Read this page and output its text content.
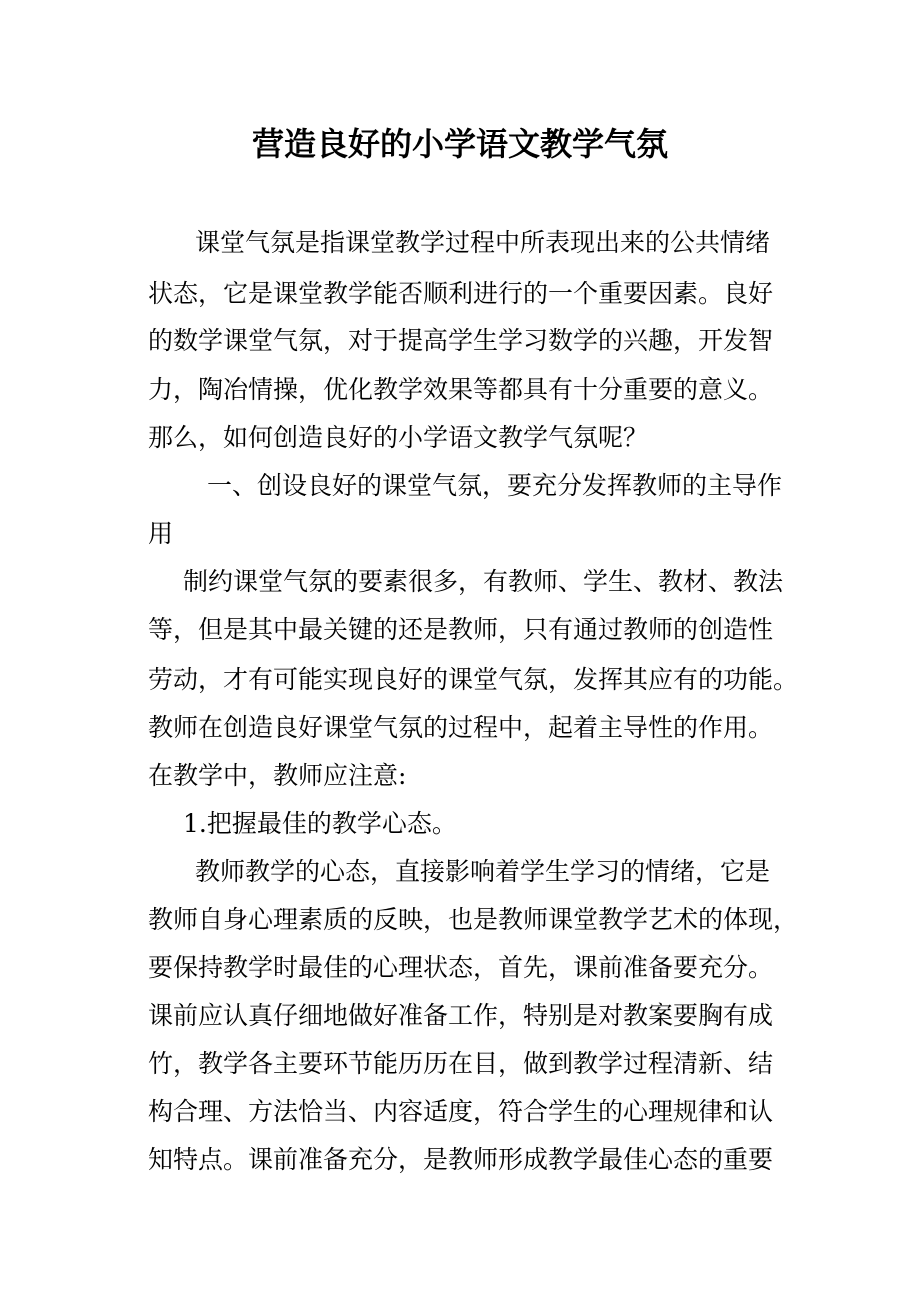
营造良好的小学语文教学气氛
课堂气氛是指课堂教学过程中所表现出来的公共情绪
状态，它是课堂教学能否顺利进行的一个重要因素。良好
的数学课堂气氛，对于提高学生学习数学的兴趣，开发智
力，陶冶情操，优化教学效果等都具有十分重要的意义。
那么，如何创造良好的小学语文教学气氛呢？
一、创设良好的课堂气氛，要充分发挥教师的主导作
用
制约课堂气氛的要素很多，有教师、学生、教材、教法
等，但是其中最关键的还是教师，只有通过教师的创造性
劳动，才有可能实现良好的课堂气氛，发挥其应有的功能。
教师在创造良好课堂气氛的过程中，起着主导性的作用。
在教学中，教师应注意:
1.把握最佳的教学心态。
教师教学的心态，直接影响着学生学习的情绪，它是
教师自身心理素质的反映，也是教师课堂教学艺术的体现，
要保持教学时最佳的心理状态，首先，课前准备要充分。
课前应认真仔细地做好准备工作，特别是对教案要胸有成
竹，教学各主要环节能历历在目，做到教学过程清新、结
构合理、方法恰当、内容适度，符合学生的心理规律和认
知特点。课前准备充分，是教师形成教学最佳心态的重要
